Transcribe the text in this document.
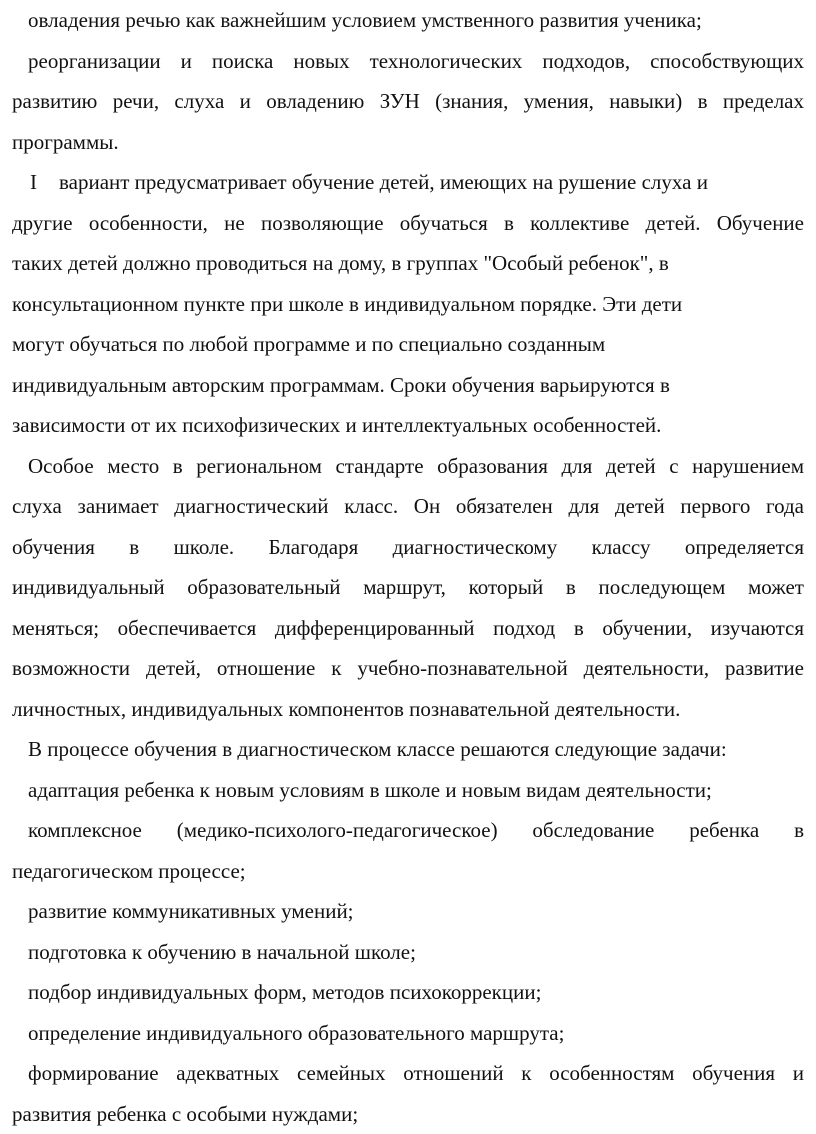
овладения речью как важнейшим условием умственного развития ученика;
реорганизации и поиска новых технологических подходов, способствующих
развитию речи, слуха и овладению ЗУН (знания, умения, навыки) в пределах
программы.
I вариант предусматривает обучение детей, имеющих на рушение слуха и
другие особенности, не позволяющие обучаться в коллективе детей. Обучение
таких детей должно проводиться на дому, в группах "Особый ребенок", в
консультационном пункте при школе в индивидуальном порядке. Эти дети
могут обучаться по любой программе и по специально созданным
индивидуальным авторским программам. Сроки обучения варьируются в
зависимости от их психофизических и интеллектуальных особенностей.
Особое место в региональном стандарте образования для детей с нарушением
слуха занимает диагностический класс. Он обязателен для детей первого года
обучения в школе. Благодаря диагностическому классу определяется
индивидуальный образовательный маршрут, который в последующем может
меняться; обеспечивается дифференцированный подход в обучении, изучаются
возможности детей, отношение к учебно-познавательной деятельности, развитие
личностных, индивидуальных компонентов познавательной деятельности.
В процессе обучения в диагностическом классе решаются следующие задачи:
адаптация ребенка к новым условиям в школе и новым видам деятельности;
комплексное (медико-психолого-педагогическое) обследование ребенка в
педагогическом процессе;
развитие коммуникативных умений;
подготовка к обучению в начальной школе;
подбор индивидуальных форм, методов психокоррекции;
определение индивидуального образовательного маршрута;
формирование адекватных семейных отношений к особенностям обучения и
развития ребенка с особыми нуждами;
